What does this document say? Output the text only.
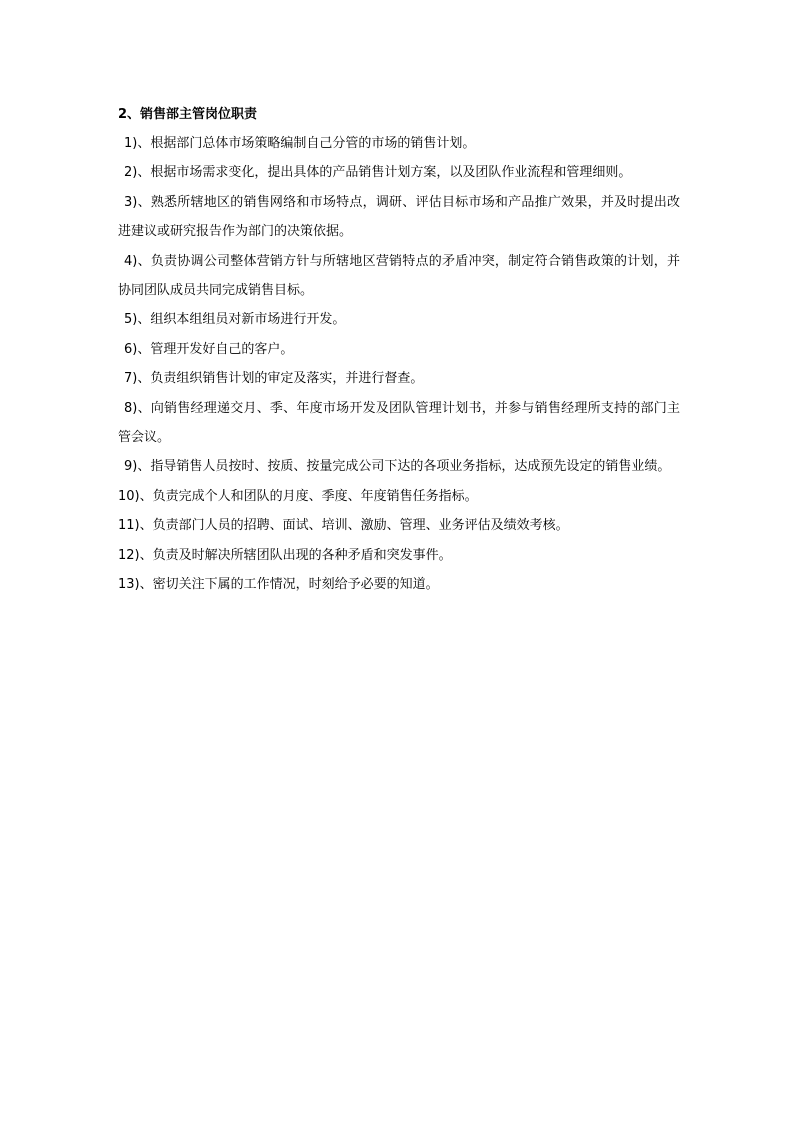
2、销售部主管岗位职责

1)、根据部门总体市场策略编制自己分管的市场的销售计划。
2)、根据市场需求变化，提出具体的产品销售计划方案，以及团队作业流程和管理细则。
3)、熟悉所辖地区的销售网络和市场特点，调研、评估目标市场和产品推广效果，并及时提出改进建议或研究报告作为部门的决策依据。
4)、负责协调公司整体营销方针与所辖地区营销特点的矛盾冲突，制定符合销售政策的计划，并协同团队成员共同完成销售目标。
5)、组织本组组员对新市场进行开发。
6)、管理开发好自己的客户。
7)、负责组织销售计划的审定及落实，并进行督查。
8)、向销售经理递交月、季、年度市场开发及团队管理计划书，并参与销售经理所支持的部门主管会议。
9)、指导销售人员按时、按质、按量完成公司下达的各项业务指标，达成预先设定的销售业绩。
10)、负责完成个人和团队的月度、季度、年度销售任务指标。
11)、负责部门人员的招聘、面试、培训、激励、管理、业务评估及绩效考核。
12)、负责及时解决所辖团队出现的各种矛盾和突发事件。
13)、密切关注下属的工作情况，时刻给予必要的知道。
